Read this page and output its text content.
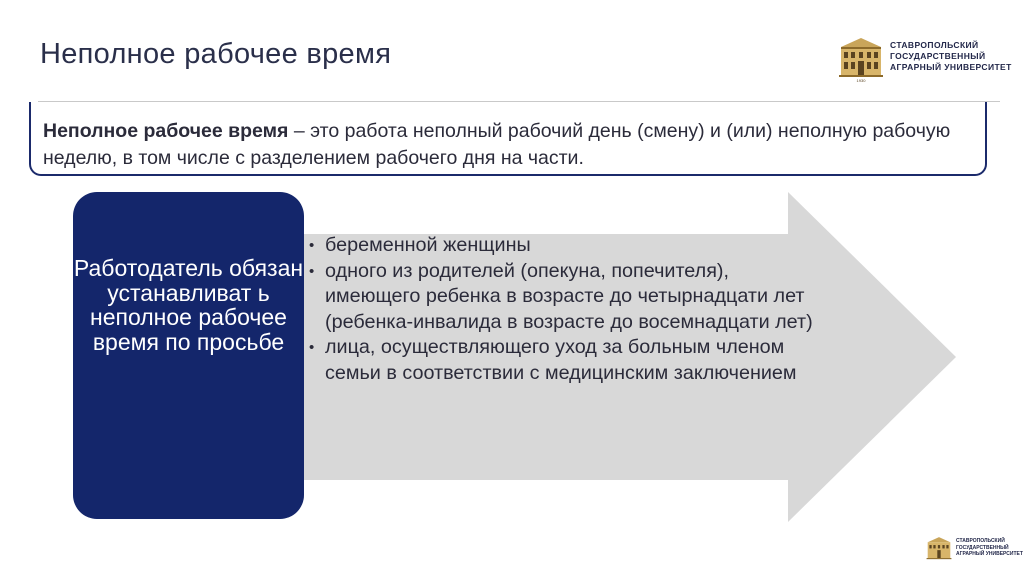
Неполное рабочее время
1930
СТАВРОПОЛЬСКИЙ
ГОСУДАРСТВЕННЫЙ
АГРАРНЫЙ УНИВЕРСИТЕТ
Неполное рабочее время – это работа неполный рабочий день (смену) и (или) неполную рабочую неделю, в том числе с разделением рабочего дня на части.
Работодатель обязан устанавливат ь неполное рабочее время по просьбе
• беременной женщины
• одного из родителей (опекуна, попечителя), имеющего ребенка в возрасте до четырнадцати лет (ребенка-инвалида в возрасте до восемнадцати лет)
• лица, осуществляющего уход за больным членом семьи в соответствии с медицинским заключением
СТАВРОПОЛЬСКИЙ
ГОСУДАРСТВЕННЫЙ
АГРАРНЫЙ УНИВЕРСИТЕТ
